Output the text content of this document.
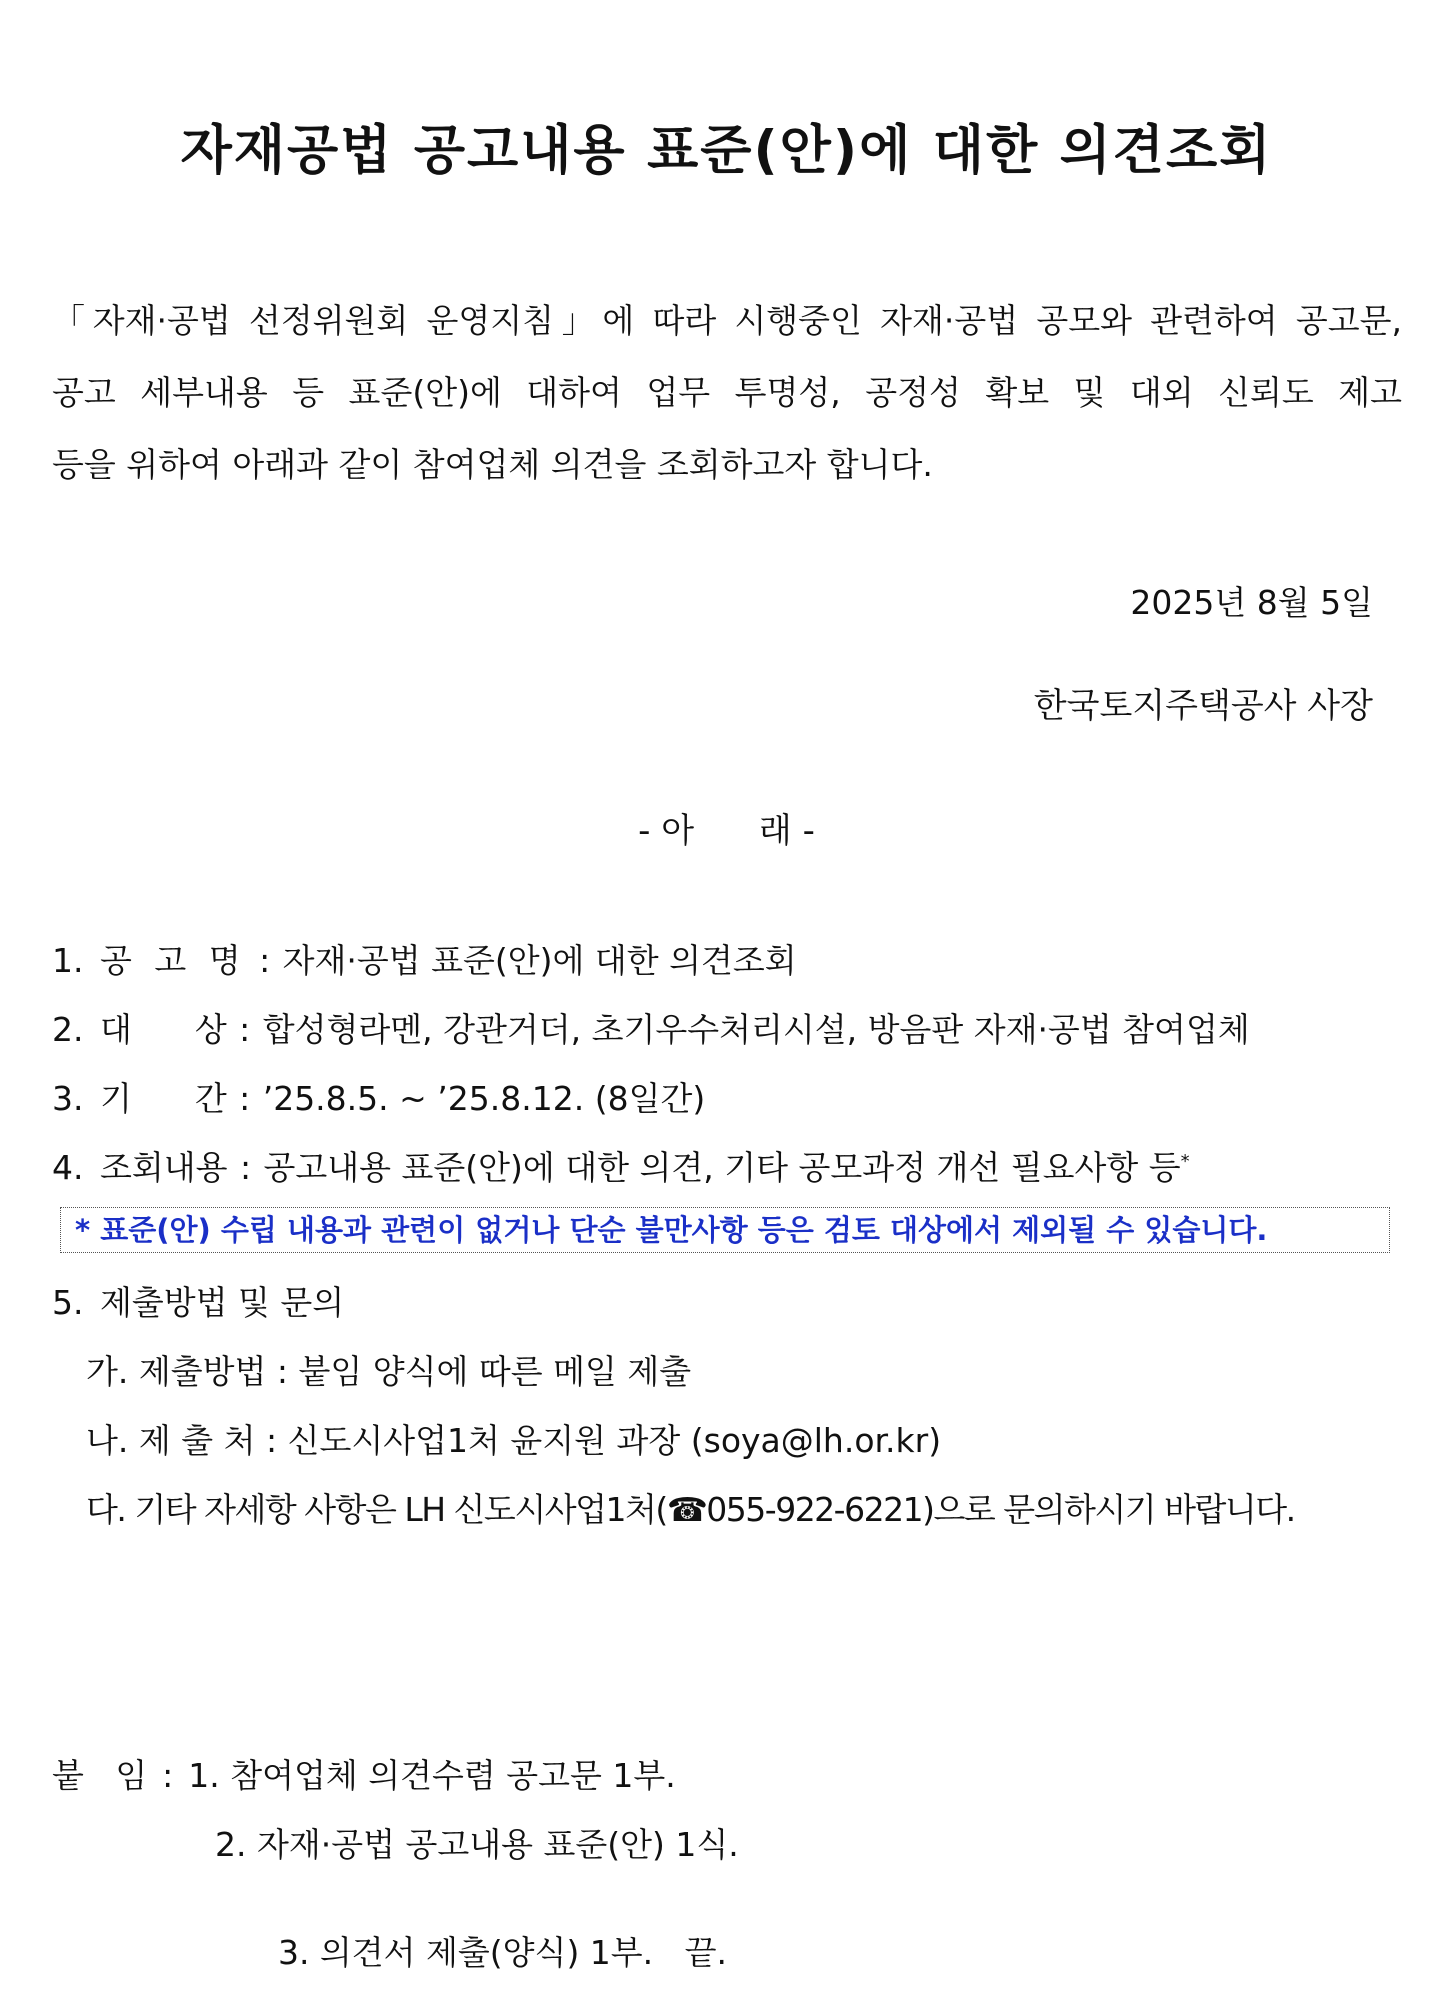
자재공법 공고내용 표준(안)에 대한 의견조회
「자재·공법 선정위원회 운영지침」에 따라 시행중인 자재·공법 공모와 관련하여 공고문,
공고 세부내용 등 표준(안)에 대하여 업무 투명성, 공정성 확보 및 대외 신뢰도 제고
등을 위하여 아래과 같이 참여업체 의견을 조회하고자 합니다.
2025년 8월 5일
한국토지주택공사 사장
- 아      래 -
1. 공 고 명 : 자재·공법 표준(안)에 대한 의견조회
2. 대      상 : 합성형라멘, 강관거더, 초기우수처리시설, 방음판 자재·공법 참여업체
3. 기      간 : ’25.8.5. ~ ’25.8.12. (8일간)
4. 조회내용 : 공고내용 표준(안)에 대한 의견, 기타 공모과정 개선 필요사항 등*
5. 제출방법 및 문의
가. 제출방법 : 붙임 양식에 따른 메일 제출
나. 제 출 처 : 신도시사업1처 윤지원 과장 (soya@lh.or.kr)
다. 기타 자세항 사항은 LH 신도시사업1처(☎055-922-6221)으로 문의하시기 바랍니다.
* 표준(안) 수립 내용과 관련이 없거나 단순 불만사항 등은 검토 대상에서 제외될 수 있습니다.
붙   임 : 1. 참여업체 의견수렴 공고문 1부.
2. 자재·공법 공고내용 표준(안) 1식.

3. 의견서 제출(양식) 1부.   끝.
